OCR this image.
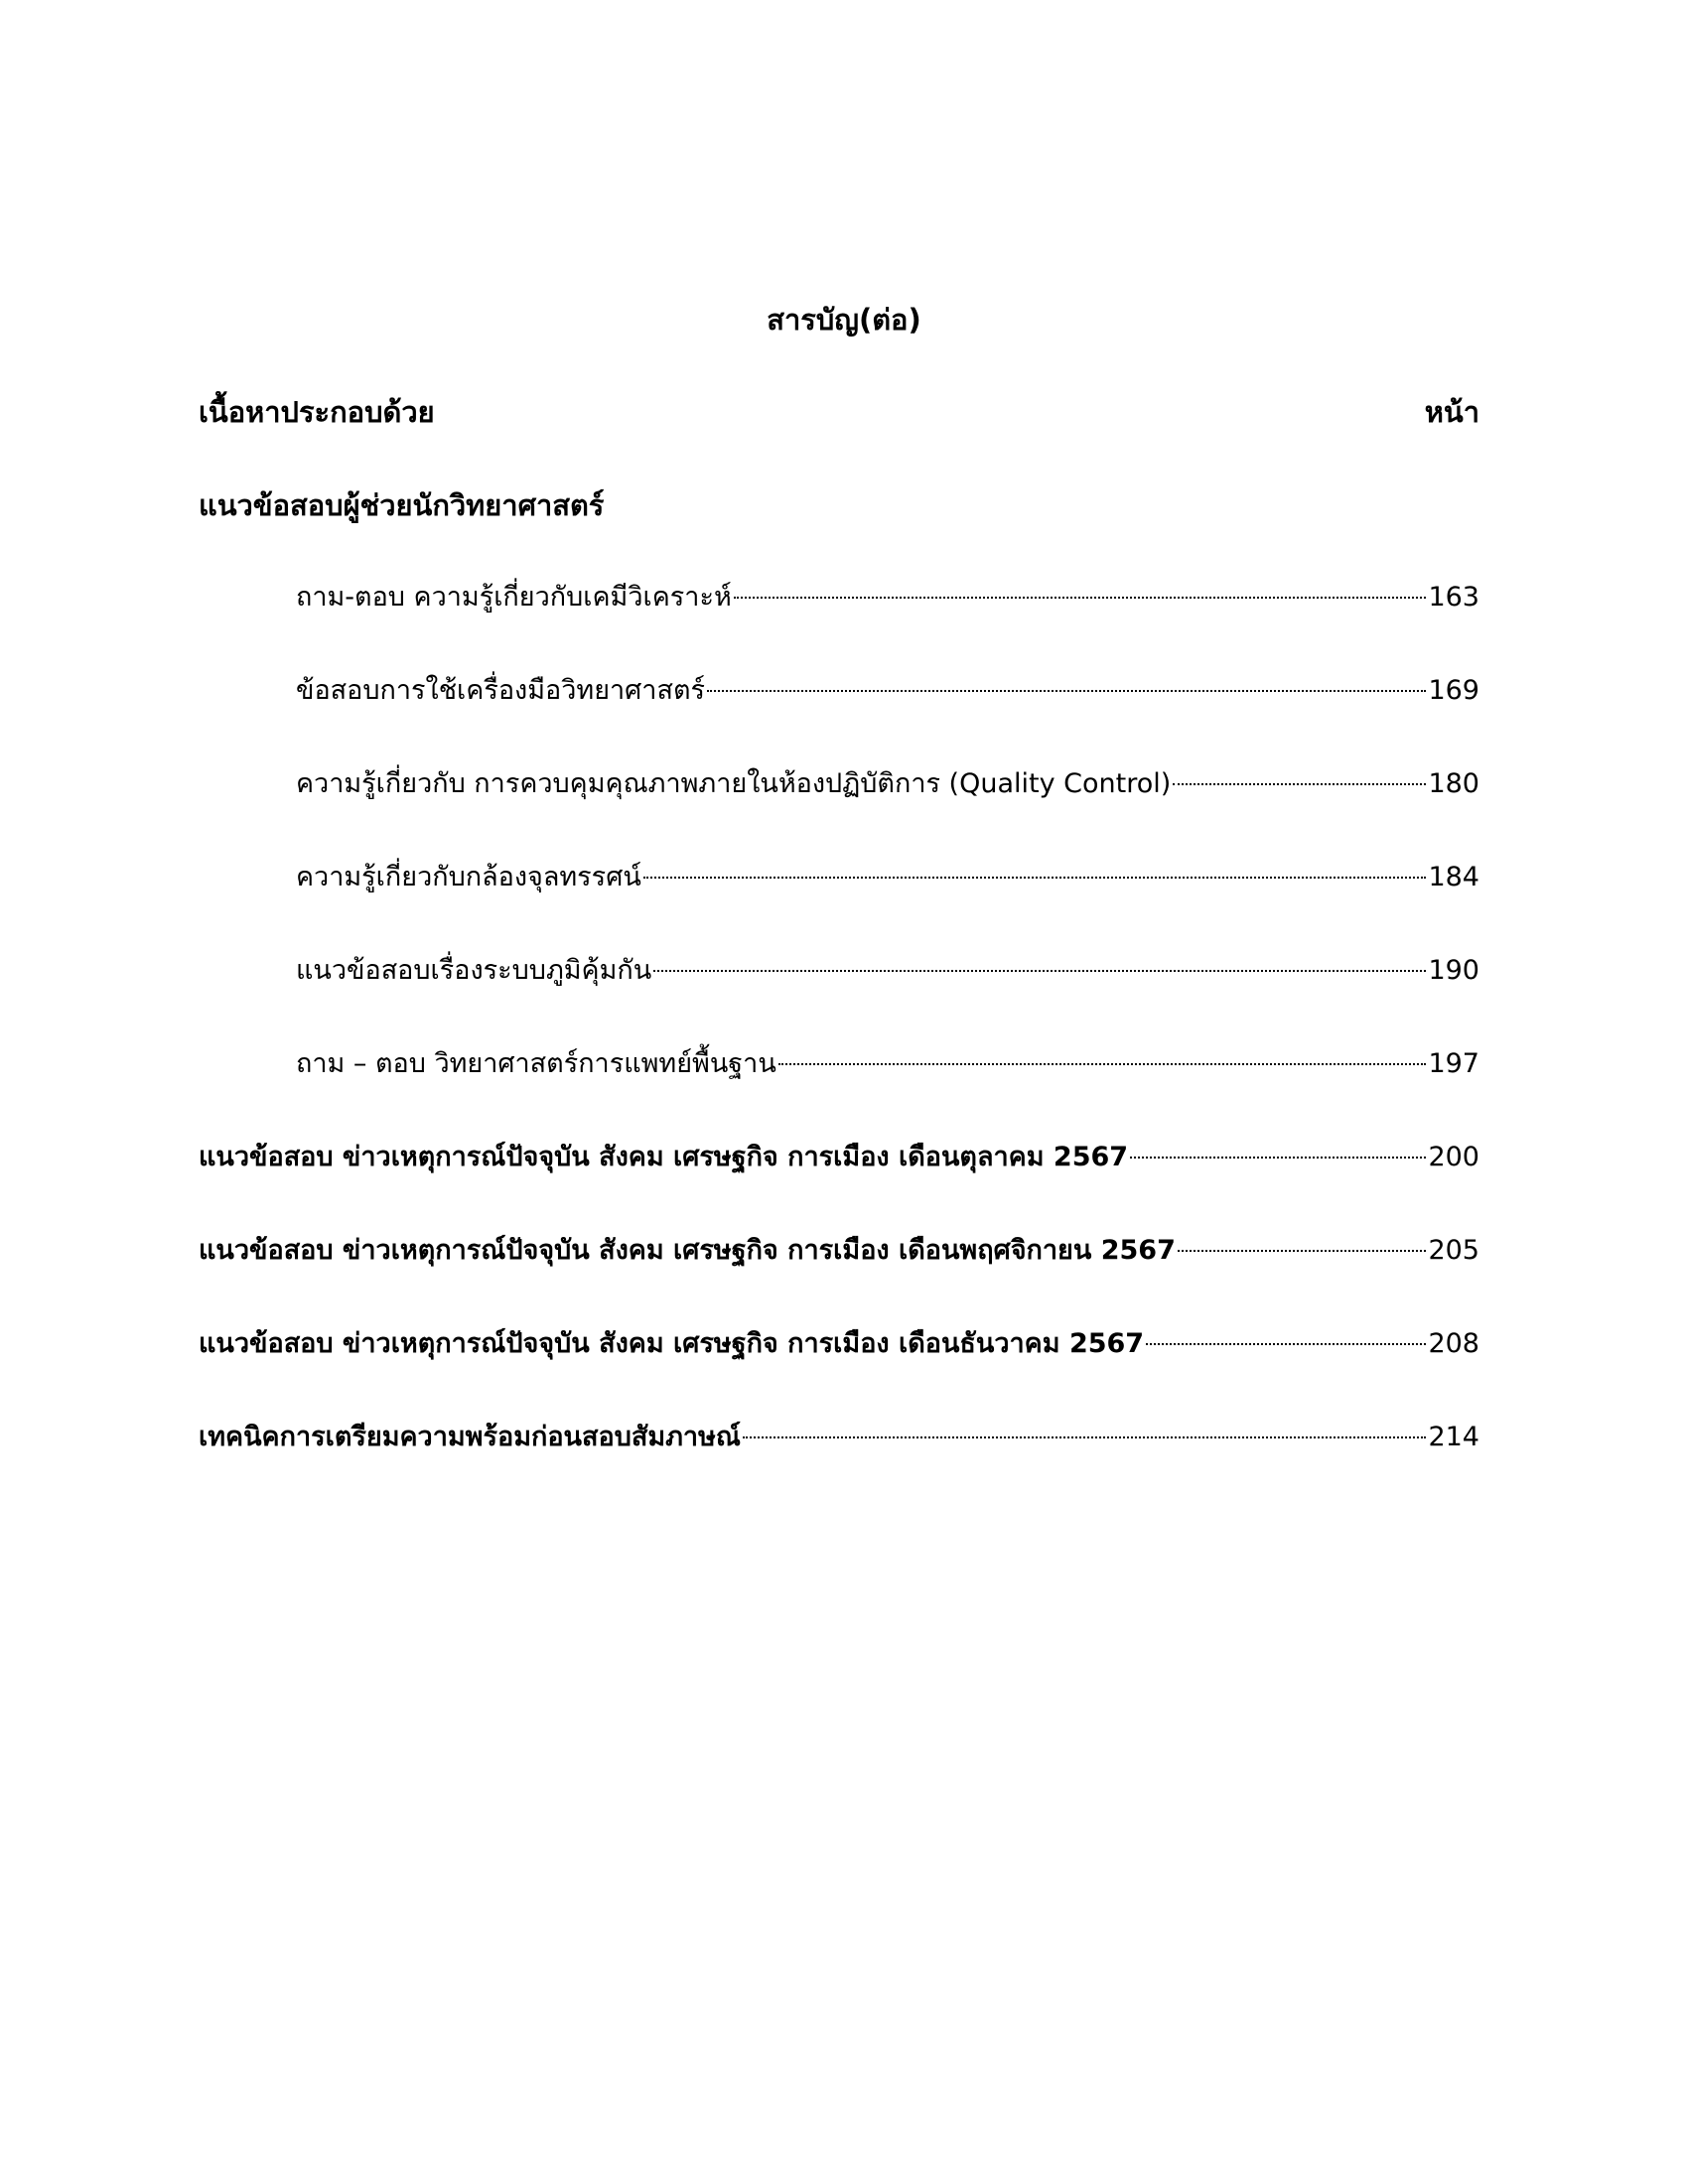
สารบัญ(ต่อ)
เนื้อหาประกอบด้วย	หน้า
แนวข้อสอบผู้ช่วยนักวิทยาศาสตร์
ถาม-ตอบ ความรู้เกี่ยวกับเคมีวิเคราะห์	163
ข้อสอบการใช้เครื่องมือวิทยาศาสตร์	169
ความรู้เกี่ยวกับ การควบคุมคุณภาพภายในห้องปฏิบัติการ (Quality Control)	180
ความรู้เกี่ยวกับกล้องจุลทรรศน์	184
แนวข้อสอบเรื่องระบบภูมิคุ้มกัน	190
ถาม – ตอบ วิทยาศาสตร์การแพทย์พื้นฐาน	197
แนวข้อสอบ ข่าวเหตุการณ์ปัจจุบัน สังคม เศรษฐกิจ การเมือง เดือนตุลาคม 2567	200
แนวข้อสอบ ข่าวเหตุการณ์ปัจจุบัน สังคม เศรษฐกิจ การเมือง เดือนพฤศจิกายน 2567	205
แนวข้อสอบ ข่าวเหตุการณ์ปัจจุบัน สังคม เศรษฐกิจ การเมือง เดือนธันวาคม 2567	208
เทคนิคการเตรียมความพร้อมก่อนสอบสัมภาษณ์	214
